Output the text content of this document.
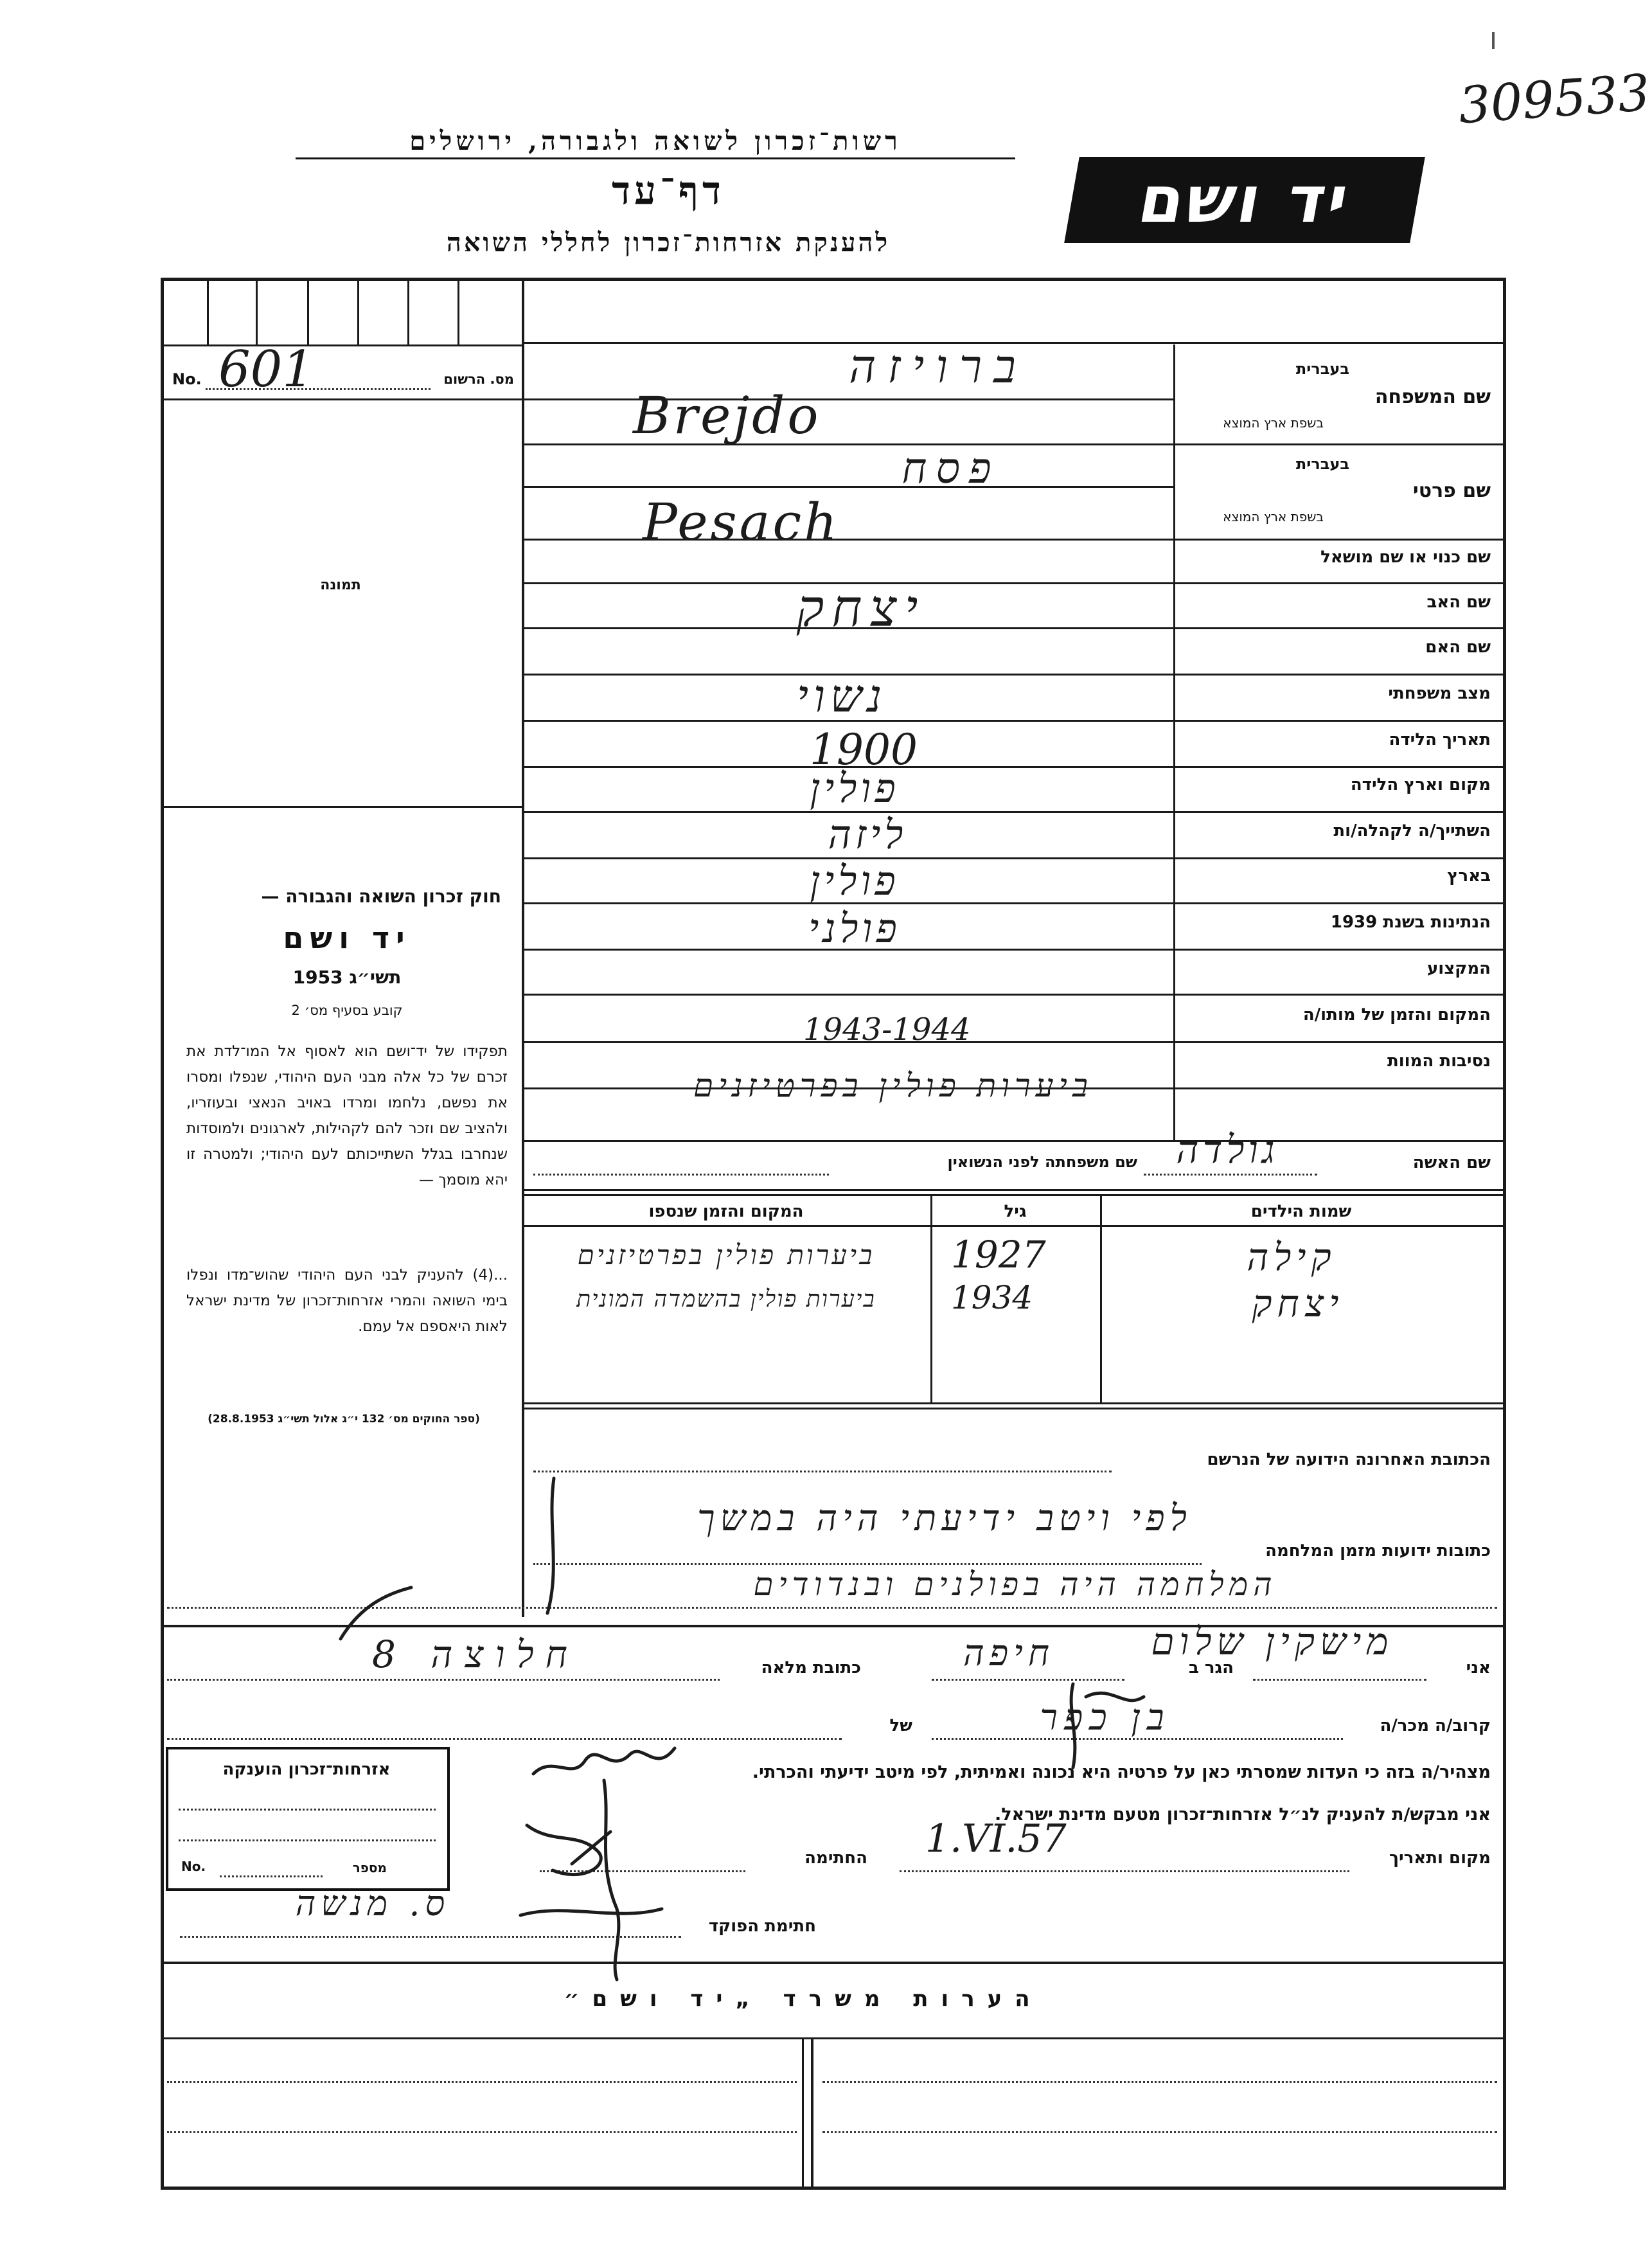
רשות־זכרון לשואה ולגבורה, ירושלים
דף־עד
להענקת אזרחות־זכרון לחללי השואה
יד ושם
309533
מס. הרשום
No. 601
תמונה
חוק זכרון השואה והגבורה —
יד ושם
תשי״ג 1953
קובע בסעיף מס׳ 2
תפקידו של יד־ושם הוא לאסוף אל המו־לדת את זכרם של כל אלה מבני העם היהודי, שנפלו ומסרו את נפשם, נלחמו ומרדו באויב הנאצי ובעוזריו, ולהציב שם וזכר להם לקהילות, לארגונים ולמוסדות שנחרבו בגלל השתייכותם לעם היהודי; ולמטרה זו יהא מוסמך —
...(4) להעניק לבני העם היהודי שהוש־מדו ונפלו בימי השואה והמרי אזרחות־זכרון של מדינת ישראל לאות היאספם אל עמם.
(ספר החוקים מס׳ 132 י״ג אלול תשי״ג 28.8.1953)
בעברית
שם המשפחה
בשפת ארץ המוצא
ברויזה
Brejdo
בעברית
שם פרטי
בשפת ארץ המוצא
פסח
Pesach
שם כנוי או שם מושאל
שם האב
יצחק
שם האם
מצב משפחתי
נשוי
תאריך הלידה
1900
מקום וארץ הלידה
פולין
השתייך/ה לקהלה/ות
ליזה
בארץ
פולין
הנתינות בשנת 1939
פולני
המקצוע
המקום והזמן של מותו/ה
1943-1944
נסיבות המוות
ביערות פולין בפרטיזנים
שם האשה
גולדה
שם משפחתה לפני הנשואין
שמות הילדים
גיל
המקום והזמן שנספו
קילה
1927
ביערות פולין בפרטיזנים
יצחק
1934
ביערות פולין בהשמדה המונית
הכתובת האחרונה הידועה של הנרשם
לפי ויטב ידיעתי היה במשך
כתובות ידועות מזמן המלחמה
המלחמה היה בפולנים ובנדודים
אני
מישקין שלום
הגר ב
חיפה
כתובת מלאה
חלוצה 8
קרוב/ה מכר/ה
בן כפר
של
מצהיר/ה בזה כי העדות שמסרתי כאן על פרטיה היא נכונה ואמיתית, לפי מיטב ידיעתי והכרתי.
אני מבקש/ת להעניק לנ״ל אזרחות־זכרון מטעם מדינת ישראל.
מקום ותאריך
1.VI.57
החתימה
אזרחות־זכרון הוענקה
מספר
No.
חתימת הפוקד
ס. מנשה
הערות משרד „יד ושם״
